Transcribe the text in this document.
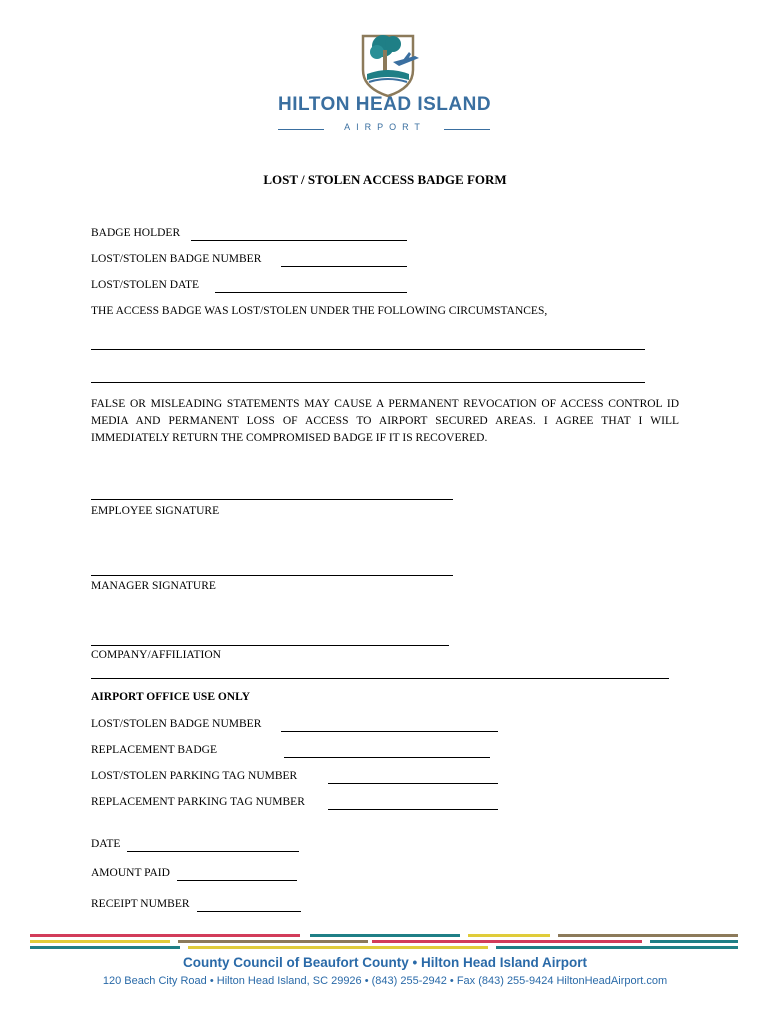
HILTON HEAD ISLAND
AIRPORT
LOST / STOLEN ACCESS BADGE FORM
BADGE HOLDER
LOST/STOLEN BADGE NUMBER
LOST/STOLEN DATE
THE ACCESS BADGE WAS LOST/STOLEN UNDER THE FOLLOWING CIRCUMSTANCES,
FALSE OR MISLEADING STATEMENTS MAY CAUSE A PERMANENT REVOCATION OF ACCESS CONTROL ID MEDIA AND PERMANENT LOSS OF ACCESS TO AIRPORT SECURED AREAS. I AGREE THAT I WILL IMMEDIATELY RETURN THE COMPROMISED BADGE IF IT IS RECOVERED.
EMPLOYEE SIGNATURE
MANAGER SIGNATURE
COMPANY/AFFILIATION
AIRPORT OFFICE USE ONLY
LOST/STOLEN BADGE NUMBER
REPLACEMENT BADGE
LOST/STOLEN PARKING TAG NUMBER
REPLACEMENT PARKING TAG NUMBER
DATE
AMOUNT PAID
RECEIPT NUMBER
County Council of Beaufort County • Hilton Head Island Airport
120 Beach City Road • Hilton Head Island, SC 29926 • (843) 255-2942 • Fax (843) 255-9424 HiltonHeadAirport.com
